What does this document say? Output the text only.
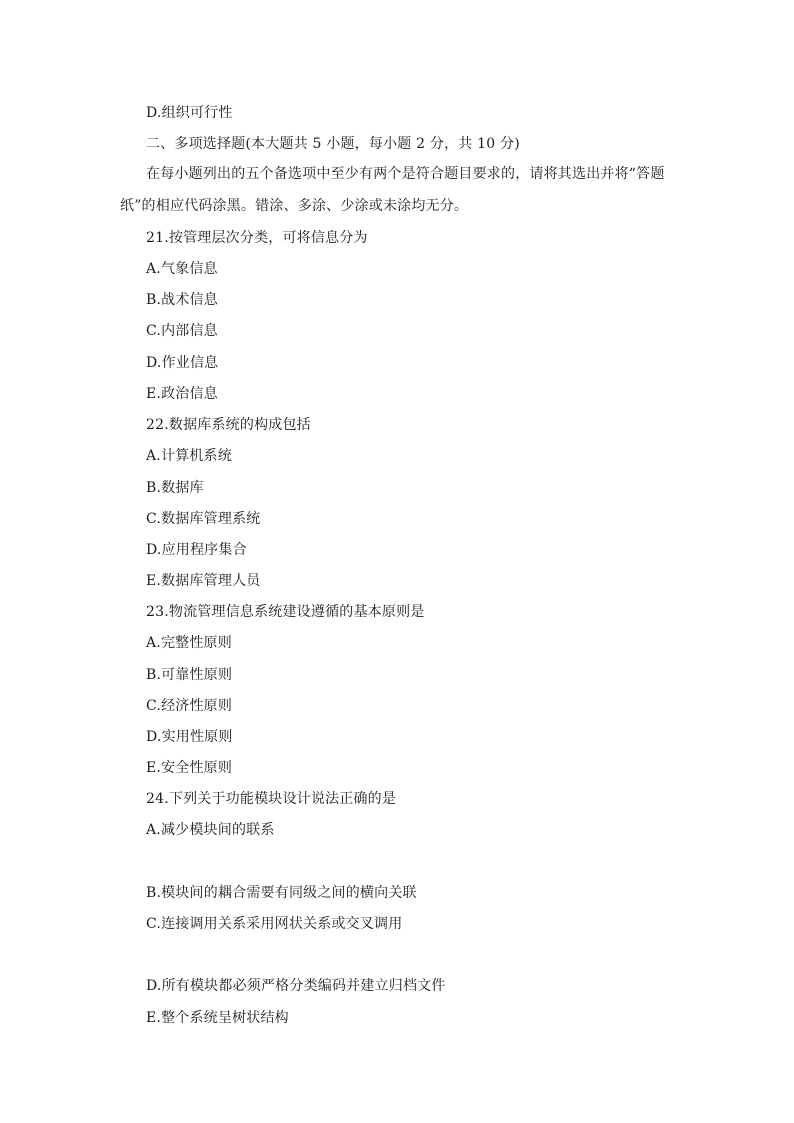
D.组织可行性
二、多项选择题(本大题共 5 小题，每小题 2 分，共 10 分)
在每小题列出的五个备选项中至少有两个是符合题目要求的，请将其选出并将“答题纸”的相应代码涂黑。错涂、多涂、少涂或未涂均无分。
21.按管理层次分类，可将信息分为
A.气象信息
B.战术信息
C.内部信息
D.作业信息
E.政治信息
22.数据库系统的构成包括
A.计算机系统
B.数据库
C.数据库管理系统
D.应用程序集合
E.数据库管理人员
23.物流管理信息系统建设遵循的基本原则是
A.完整性原则
B.可靠性原则
C.经济性原则
D.实用性原则
E.安全性原则
24.下列关于功能模块设计说法正确的是
A.减少模块间的联系
B.模块间的耦合需要有同级之间的横向关联
C.连接调用关系采用网状关系或交叉调用
D.所有模块都必须严格分类编码并建立归档文件
E.整个系统呈树状结构
